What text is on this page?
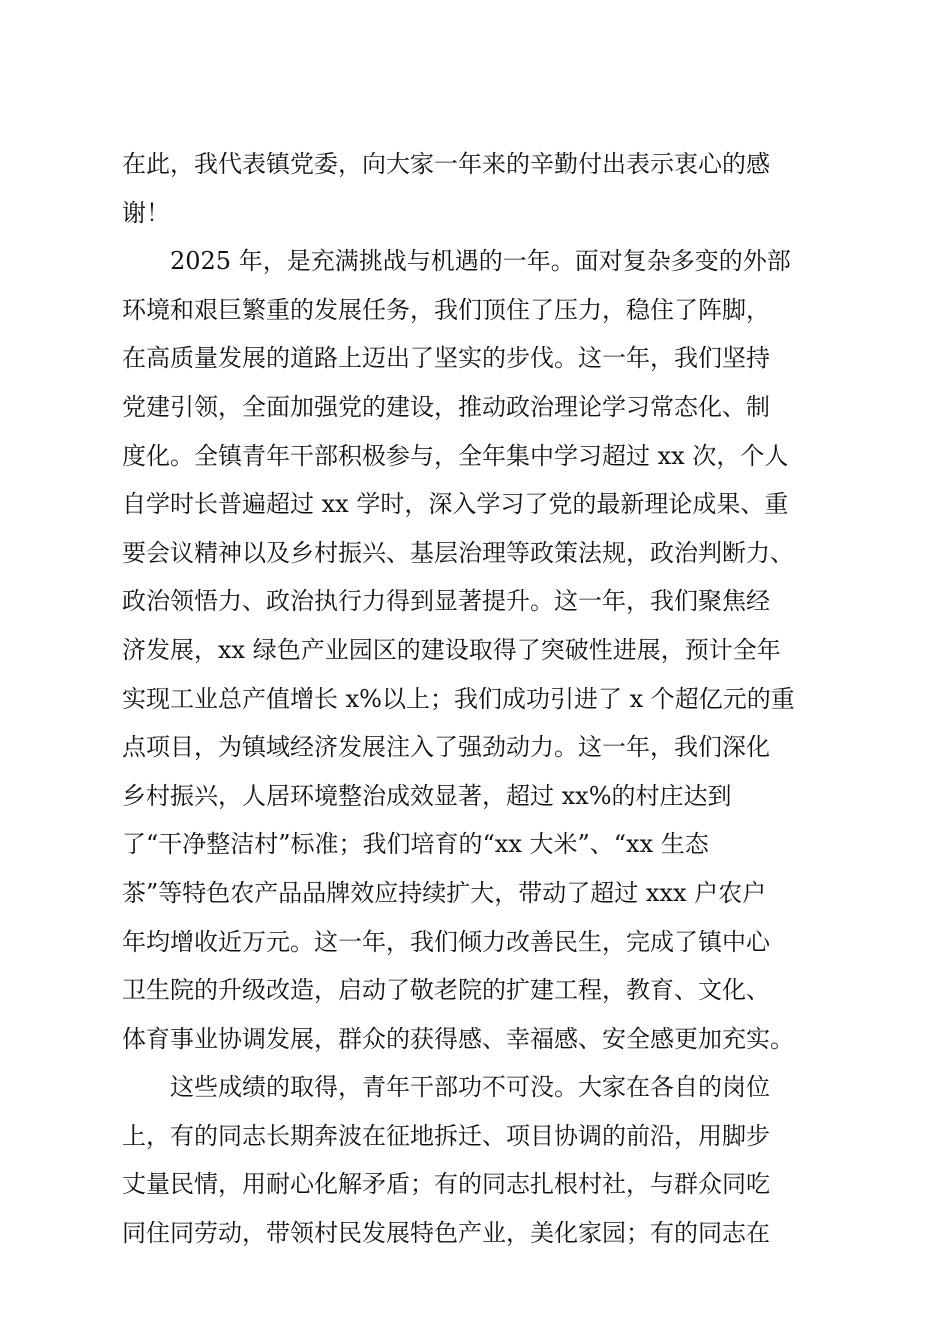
在此，我代表镇党委，向大家一年来的辛勤付出表示衷心的感
谢！
2025 年，是充满挑战与机遇的一年。面对复杂多变的外部
环境和艰巨繁重的发展任务，我们顶住了压力，稳住了阵脚，
在高质量发展的道路上迈出了坚实的步伐。这一年，我们坚持
党建引领，全面加强党的建设，推动政治理论学习常态化、制
度化。全镇青年干部积极参与，全年集中学习超过 xx 次，个人
自学时长普遍超过 xx 学时，深入学习了党的最新理论成果、重
要会议精神以及乡村振兴、基层治理等政策法规，政治判断力、
政治领悟力、政治执行力得到显著提升。这一年，我们聚焦经
济发展，xx 绿色产业园区的建设取得了突破性进展，预计全年
实现工业总产值增长 x%以上；我们成功引进了 x 个超亿元的重
点项目，为镇域经济发展注入了强劲动力。这一年，我们深化
乡村振兴，人居环境整治成效显著，超过 xx%的村庄达到
了“干净整洁村”标准；我们培育的“xx 大米”、“xx 生态
茶”等特色农产品品牌效应持续扩大，带动了超过 xxx 户农户
年均增收近万元。这一年，我们倾力改善民生，完成了镇中心
卫生院的升级改造，启动了敬老院的扩建工程，教育、文化、
体育事业协调发展，群众的获得感、幸福感、安全感更加充实。
这些成绩的取得，青年干部功不可没。大家在各自的岗位
上，有的同志长期奔波在征地拆迁、项目协调的前沿，用脚步
丈量民情，用耐心化解矛盾；有的同志扎根村社，与群众同吃
同住同劳动，带领村民发展特色产业，美化家园；有的同志在
